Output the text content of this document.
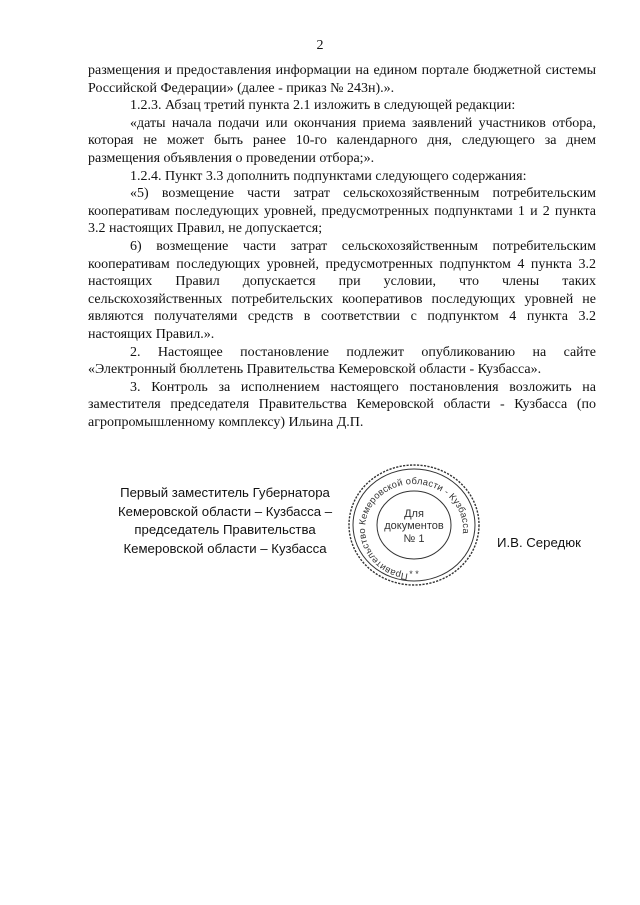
2

размещения и предоставления информации на едином портале бюджетной системы Российской Федерации» (далее - приказ № 243н).».

1.2.3. Абзац третий пункта 2.1 изложить в следующей редакции:

«даты начала подачи или окончания приема заявлений участников отбора, которая не может быть ранее 10-го календарного дня, следующего за днем размещения объявления о проведении отбора;».

1.2.4. Пункт 3.3 дополнить подпунктами следующего содержания:

«5) возмещение части затрат сельскохозяйственным потребительским кооперативам последующих уровней, предусмотренных подпунктами 1 и 2 пункта 3.2 настоящих Правил, не допускается;

6) возмещение части затрат сельскохозяйственным потребительским кооперативам последующих уровней, предусмотренных подпунктом 4 пункта 3.2 настоящих Правил допускается при условии, что члены таких сельскохозяйственных потребительских кооперативов последующих уровней не являются получателями средств в соответствии с подпунктом 4 пункта 3.2 настоящих Правил.».

2. Настоящее постановление подлежит опубликованию на сайте «Электронный бюллетень Правительства Кемеровской области - Кузбасса».

3. Контроль за исполнением настоящего постановления возложить на заместителя председателя Правительства Кемеровской области - Кузбасса (по агропромышленному комплексу) Ильина Д.П.

Первый заместитель Губернатора
Кемеровской области – Кузбасса –
председатель Правительства
Кемеровской области – Кузбасса
Правительство Кемеровской области - Кузбасса
Для
документов
№ 1
* *
И.В. Середюк
